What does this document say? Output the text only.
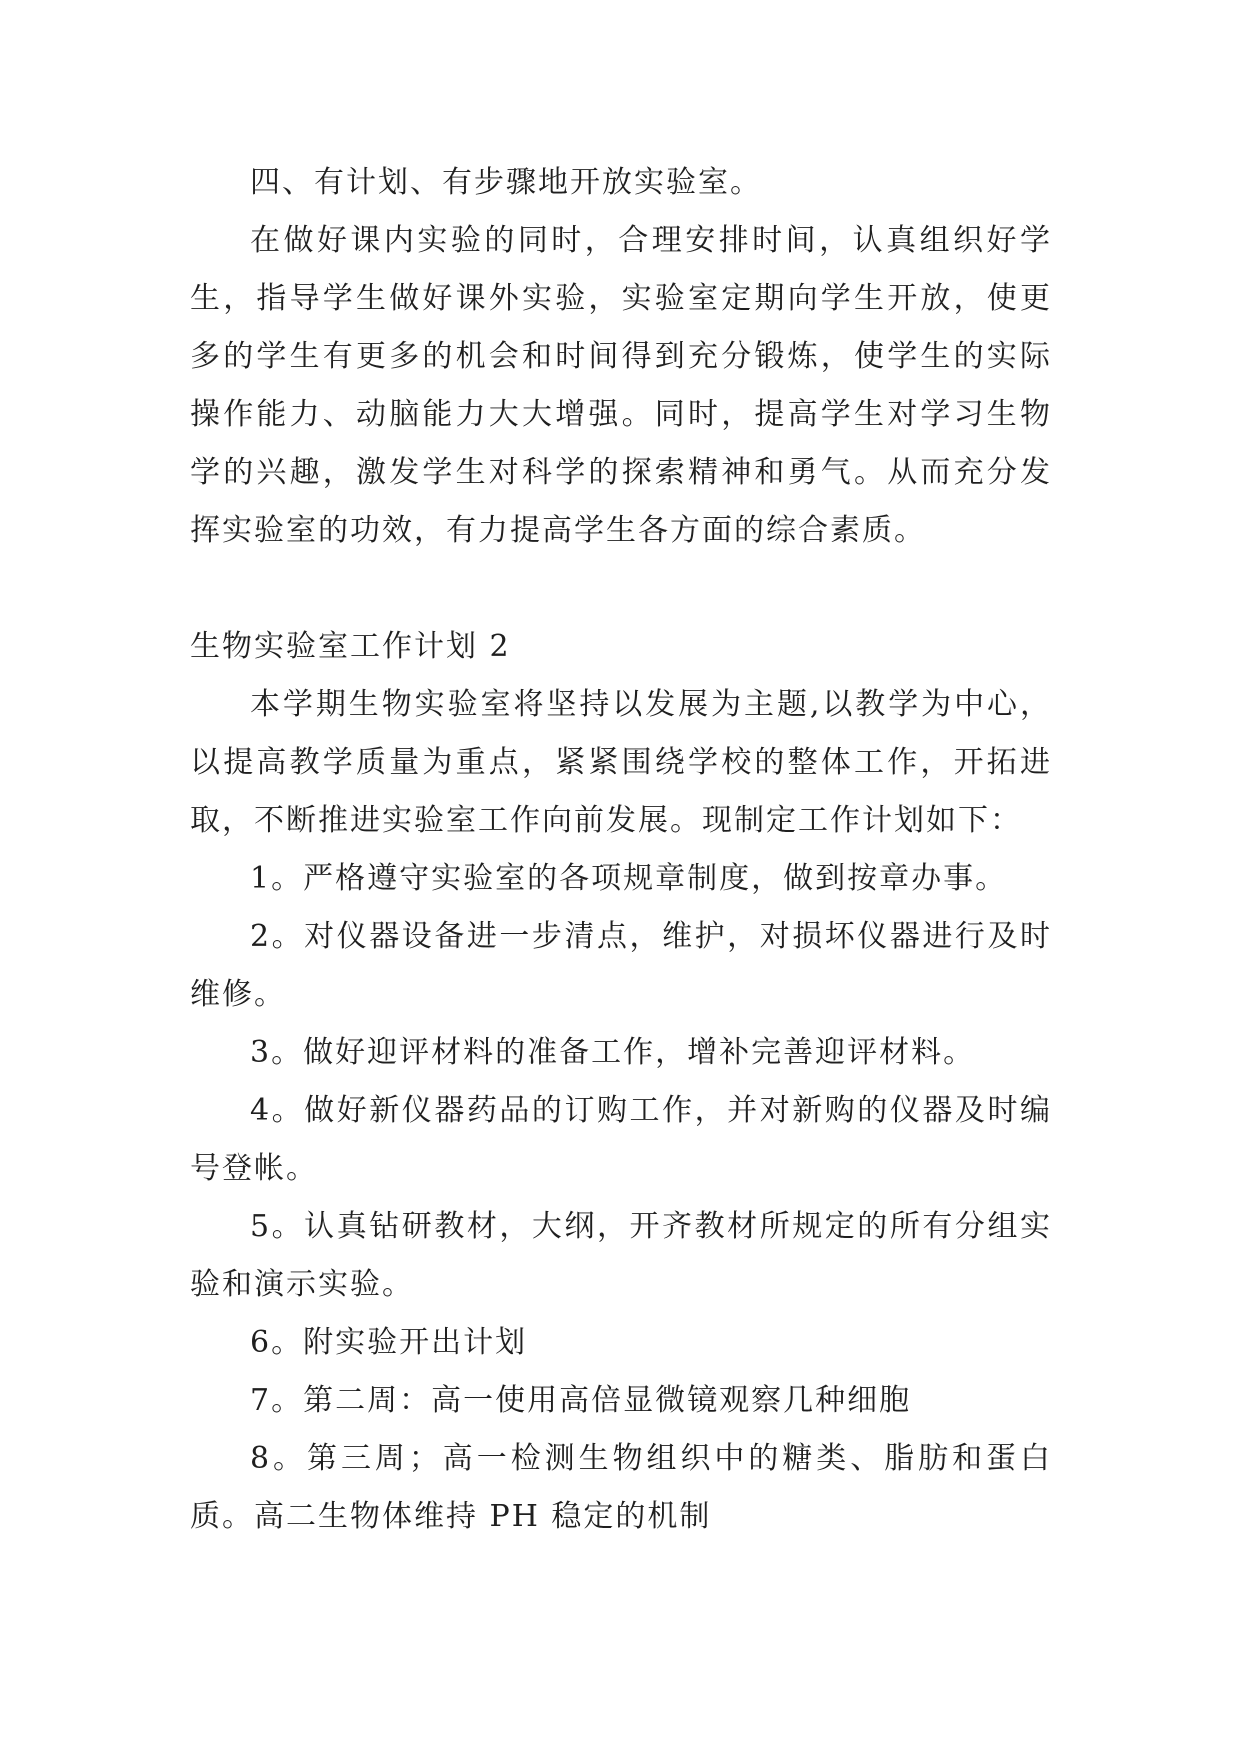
四、有计划、有步骤地开放实验室。

在做好课内实验的同时，合理安排时间，认真组织好学生，指导学生做好课外实验，实验室定期向学生开放，使更多的学生有更多的机会和时间得到充分锻炼，使学生的实际操作能力、动脑能力大大增强。同时，提高学生对学习生物学的兴趣，激发学生对科学的探索精神和勇气。从而充分发挥实验室的功效，有力提高学生各方面的综合素质。

生物实验室工作计划 2

本学期生物实验室将坚持以发展为主题,以教学为中心，以提高教学质量为重点，紧紧围绕学校的整体工作，开拓进取，不断推进实验室工作向前发展。现制定工作计划如下：

1。严格遵守实验室的各项规章制度，做到按章办事。

2。对仪器设备进一步清点，维护，对损坏仪器进行及时维修。

3。做好迎评材料的准备工作，增补完善迎评材料。

4。做好新仪器药品的订购工作，并对新购的仪器及时编号登帐。

5。认真钻研教材，大纲，开齐教材所规定的所有分组实验和演示实验。

6。附实验开出计划

7。第二周：高一使用高倍显微镜观察几种细胞

8。第三周；高一检测生物组织中的糖类、脂肪和蛋白质。高二生物体维持 PH 稳定的机制
